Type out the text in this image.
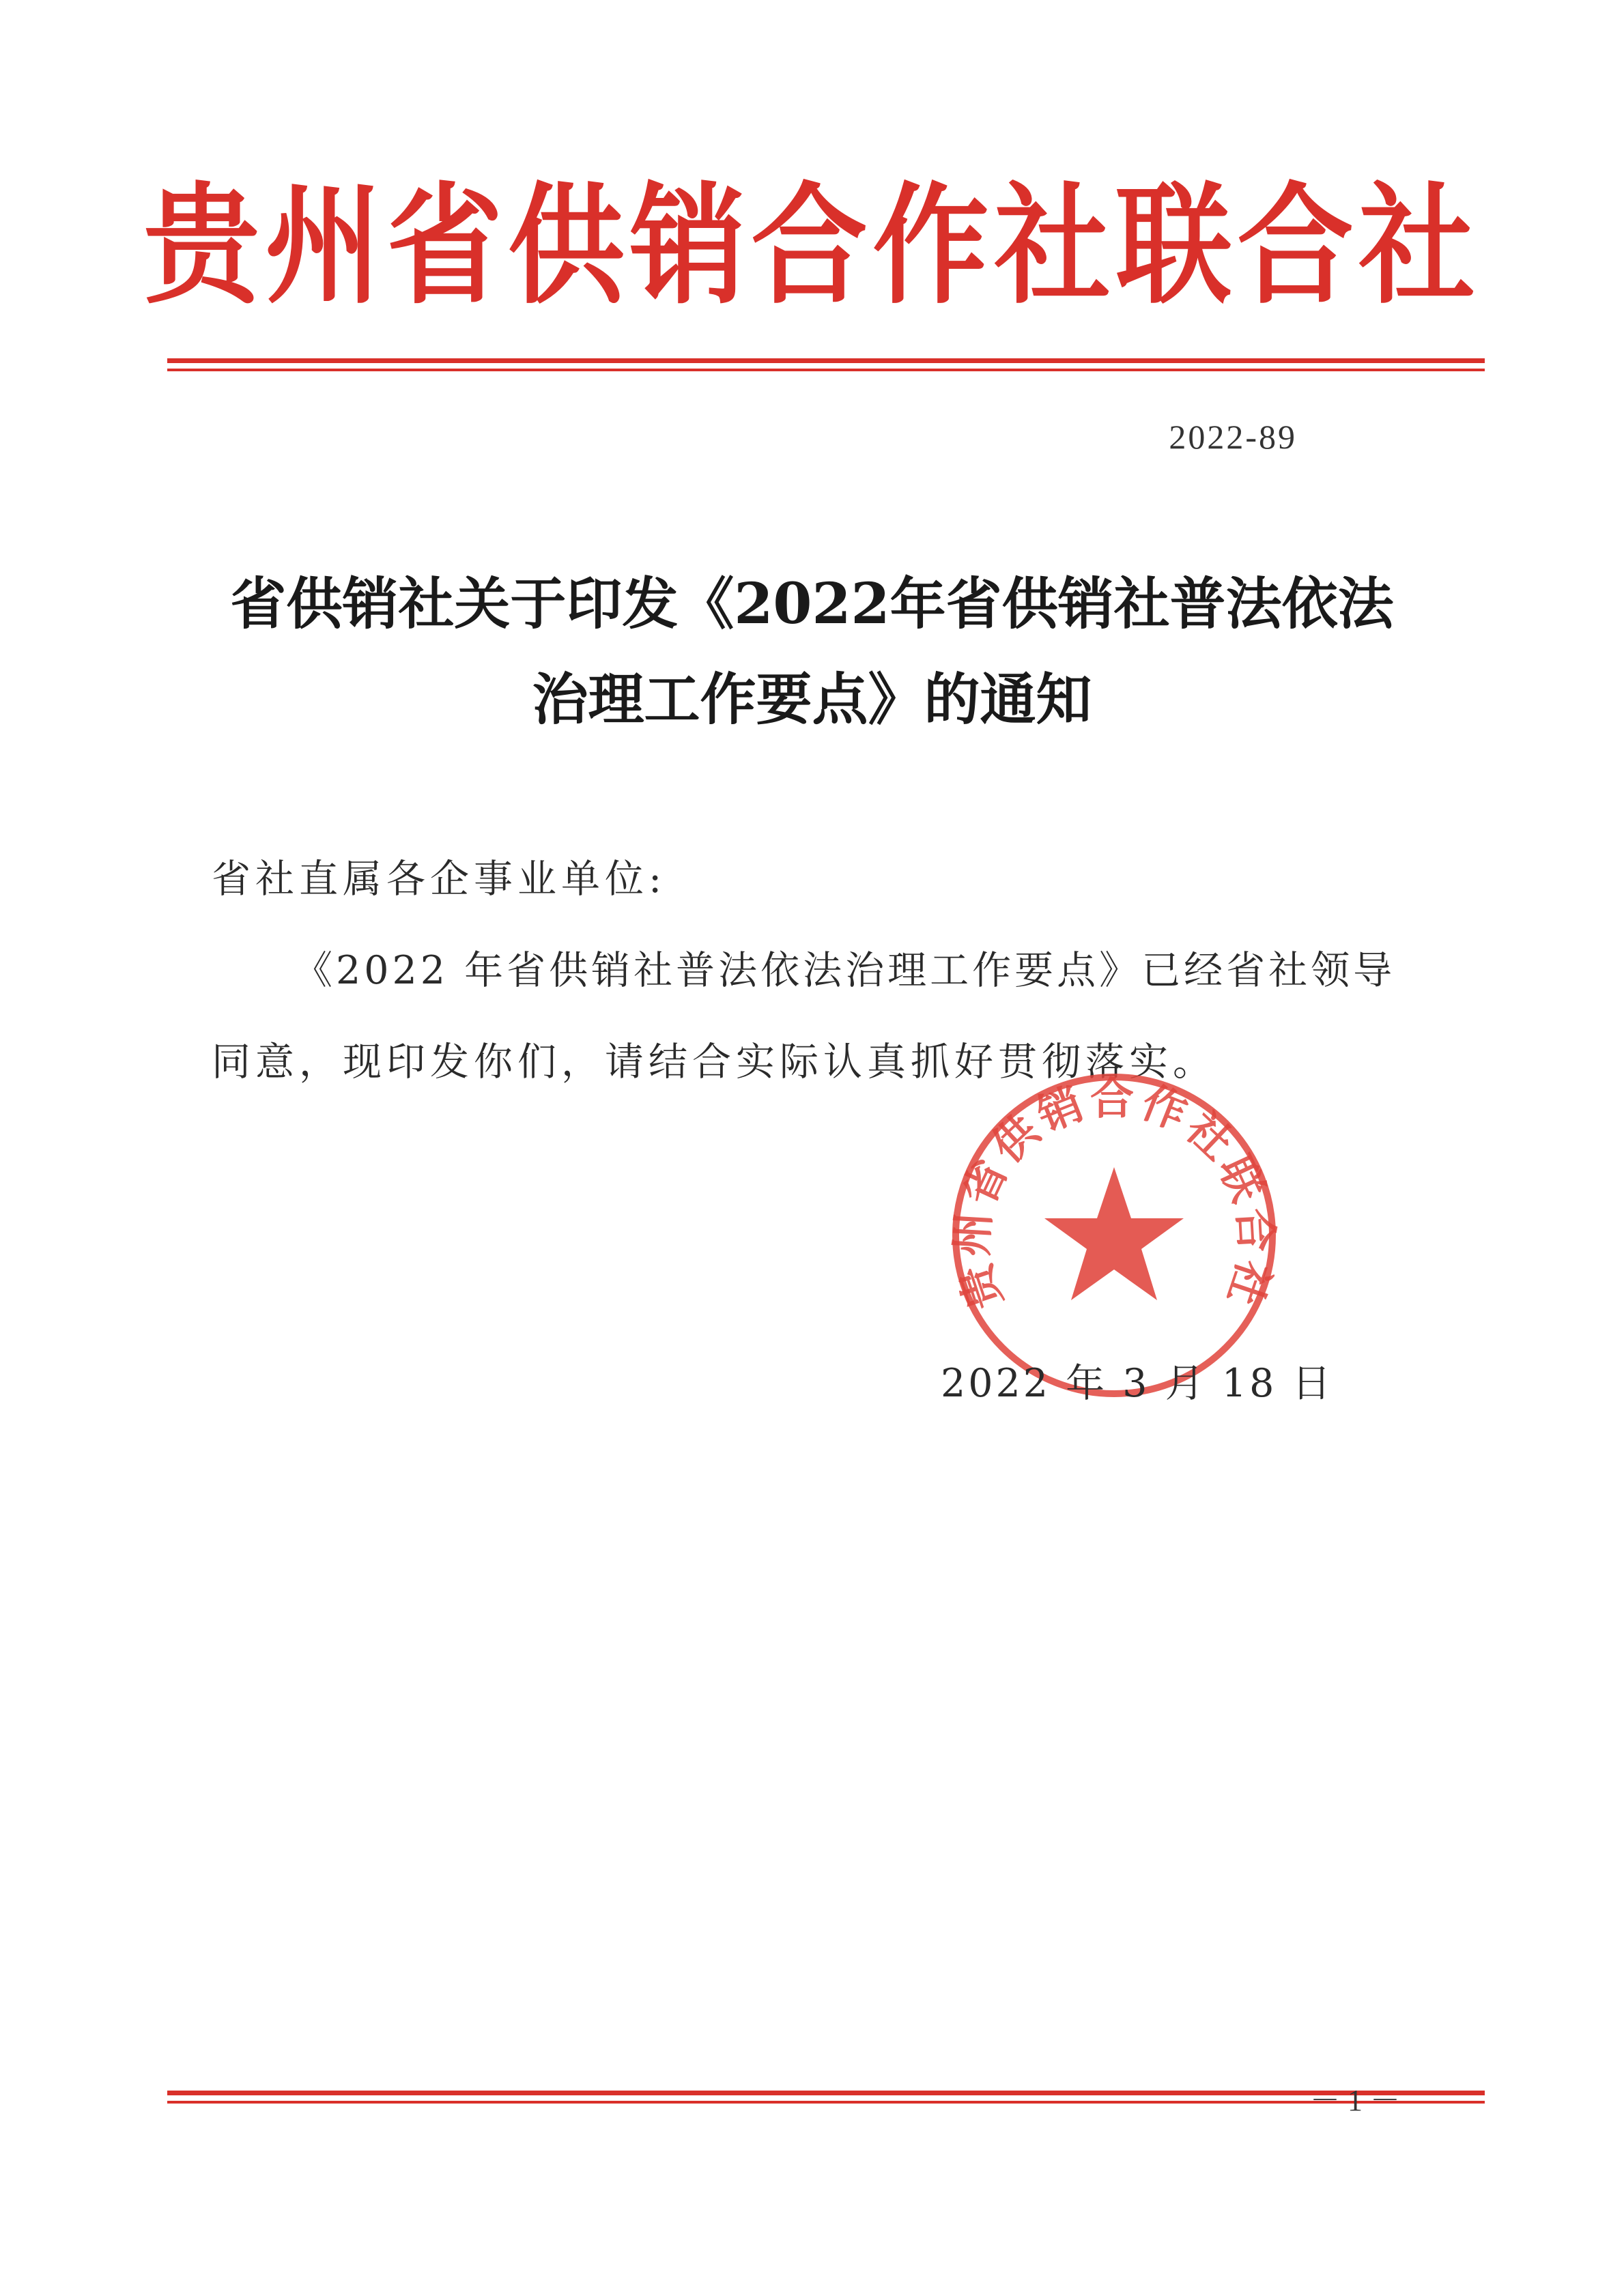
贵州省供销合作社联合社
2022-89
省供销社关于印发《2022年省供销社普法依法
治理工作要点》的通知
省社直属各企事业单位:
《2022 年省供销社普法依法治理工作要点》已经省社领导
同意，现印发你们，请结合实际认真抓好贯彻落实。
贵州省供销合作社联合社
2022 年 3 月 18 日
－ 1 －
